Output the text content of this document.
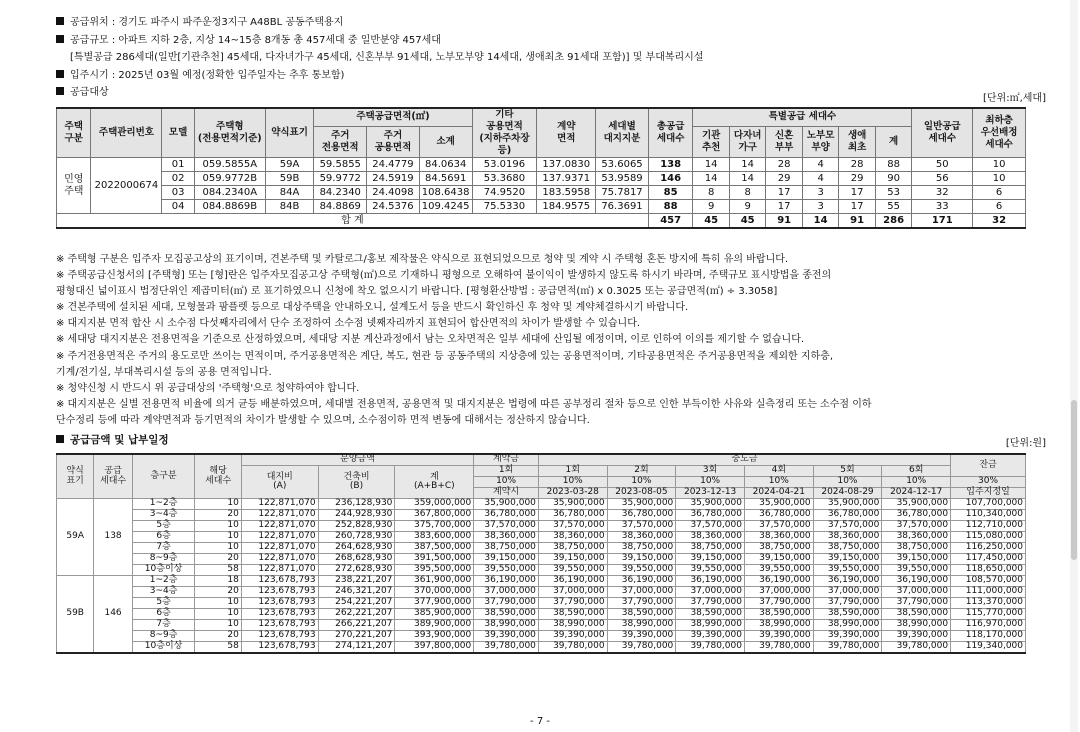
공급위치 : 경기도 파주시 파주운정3지구 A48BL 공동주택용지
공급규모 : 아파트 지하 2층, 지상 14~15층 8개동 총 457세대 중 일반분양 457세대
[특별공급 286세대(일반[기관추천] 45세대, 다자녀가구 45세대, 신혼부부 91세대, 노부모부양 14세대, 생애최초 91세대 포함)] 및 부대복리시설
입주시기 : 2025년 03월 예정(정확한 입주일자는 추후 통보함)
공급대상
[단위:㎡,세대]
주택
구분	주택관리번호	모델	주택형
(전용면적기준)	약식표기	주택공급면적(㎡)			기타
공용면적
(지하주차장
등)	계약
면적	세대별
대지지분	총공급
세대수	특별공급 세대수						일반공급
세대수	최하층
우선배정
세대수
					주거
전용면적	주거
공용면적	소계					기관
추천	다자녀
가구	신혼
부부	노부모
부양	생애
최초	계		
민영
주택	2022000674	01	059.5855A	59A	59.5855	24.4779	84.0634	53.0196	137.0830	53.6065	138	14	14	28	4	28	88	50	10
		02	059.9772B	59B	59.9772	24.5919	84.5691	53.3680	137.9371	53.9589	146	14	14	29	4	29	90	56	10
		03	084.2340A	84A	84.2340	24.4098	108.6438	74.9520	183.5958	75.7817	85	8	8	17	3	17	53	32	6
		04	084.8869B	84B	84.8869	24.5376	109.4245	75.5330	184.9575	76.3691	88	9	9	17	3	17	55	33	6
합 계											457	45	45	91	14	91	286	171	32
※ 주택형 구분은 입주자 모집공고상의 표기이며, 견본주택 및 카탈로그/홍보 제작물은 약식으로 표현되었으므로 청약 및 계약 시 주택형 혼돈 방지에 특히 유의 바랍니다.
※ 주택공급신청서의 [주택형] 또는 [형]란은 입주자모집공고상 주택형(㎡)으로 기재하니 평형으로 오해하여 불이익이 발생하지 않도록 하시기 바라며, 주택규모 표시방법을 종전의
평형대신 넓이표시 법정단위인 제곱미터(㎡) 로 표기하였으니 신청에 착오 없으시기 바랍니다. [평형환산방법 : 공급면적(㎡) x 0.3025 또는 공급면적(㎡) ÷ 3.3058]
※ 견본주택에 설치된 세대, 모형물과 팜플렛 등으로 대상주택을 안내하오니, 설계도서 등을 반드시 확인하신 후 청약 및 계약체결하시기 바랍니다.
※ 대지지분 면적 합산 시 소수점 다섯째자리에서 단수 조정하여 소수점 넷째자리까지 표현되어 합산면적의 차이가 발생할 수 있습니다.
※ 세대당 대지지분은 전용면적을 기준으로 산정하였으며, 세대당 지분 계산과정에서 남는 오차면적은 일부 세대에 산입될 예정이며, 이로 인하여 이의를 제기할 수 없습니다.
※ 주거전용면적은 주거의 용도로만 쓰이는 면적이며, 주거공용면적은 계단, 복도, 현관 등 공동주택의 지상층에 있는 공용면적이며, 기타공용면적은 주거공용면적을 제외한 지하층,
기계/전기실, 부대복리시설 등의 공용 면적입니다.
※ 청약신청 시 반드시 위 공급대상의 '주택형'으로 청약하여야 합니다.
※ 대지지분은 실별 전용면적 비율에 의거 균등 배분하였으며, 세대별 전용면적, 공용면적 및 대지지분은 법령에 따른 공부정리 절차 등으로 인한 부득이한 사유와 실측정리 또는 소수점 이하
단수정리 등에 따라 계약면적과 등기면적의 차이가 발생할 수 있으며, 소수점이하 면적 변동에 대해서는 정산하지 않습니다.
공급금액 및 납부일정	[단위:원]
약식
표기	공급
세대수	층구분	해당
세대수	분양금액			계약금	중도금						잔금
				대지비
(A)	건축비
(B)	계
(A+B+C)	1회	1회	2회	3회	4회	5회	6회	
							10%	10%	10%	10%	10%	10%	10%	30%
							계약시	2023-03-28	2023-08-05	2023-12-13	2024-04-21	2024-08-29	2024-12-17	입주지정일
59A	138	1~2층	10	122,871,070	236,128,930	359,000,000	35,900,000	35,900,000	35,900,000	35,900,000	35,900,000	35,900,000	35,900,000	107,700,000
		3~4층	20	122,871,070	244,928,930	367,800,000	36,780,000	36,780,000	36,780,000	36,780,000	36,780,000	36,780,000	36,780,000	110,340,000
		5층	10	122,871,070	252,828,930	375,700,000	37,570,000	37,570,000	37,570,000	37,570,000	37,570,000	37,570,000	37,570,000	112,710,000
		6층	10	122,871,070	260,728,930	383,600,000	38,360,000	38,360,000	38,360,000	38,360,000	38,360,000	38,360,000	38,360,000	115,080,000
		7층	10	122,871,070	264,628,930	387,500,000	38,750,000	38,750,000	38,750,000	38,750,000	38,750,000	38,750,000	38,750,000	116,250,000
		8~9층	20	122,871,070	268,628,930	391,500,000	39,150,000	39,150,000	39,150,000	39,150,000	39,150,000	39,150,000	39,150,000	117,450,000
		10층이상	58	122,871,070	272,628,930	395,500,000	39,550,000	39,550,000	39,550,000	39,550,000	39,550,000	39,550,000	39,550,000	118,650,000
59B	146	1~2층	18	123,678,793	238,221,207	361,900,000	36,190,000	36,190,000	36,190,000	36,190,000	36,190,000	36,190,000	36,190,000	108,570,000
		3~4층	20	123,678,793	246,321,207	370,000,000	37,000,000	37,000,000	37,000,000	37,000,000	37,000,000	37,000,000	37,000,000	111,000,000
		5층	10	123,678,793	254,221,207	377,900,000	37,790,000	37,790,000	37,790,000	37,790,000	37,790,000	37,790,000	37,790,000	113,370,000
		6층	10	123,678,793	262,221,207	385,900,000	38,590,000	38,590,000	38,590,000	38,590,000	38,590,000	38,590,000	38,590,000	115,770,000
		7층	10	123,678,793	266,221,207	389,900,000	38,990,000	38,990,000	38,990,000	38,990,000	38,990,000	38,990,000	38,990,000	116,970,000
		8~9층	20	123,678,793	270,221,207	393,900,000	39,390,000	39,390,000	39,390,000	39,390,000	39,390,000	39,390,000	39,390,000	118,170,000
		10층이상	58	123,678,793	274,121,207	397,800,000	39,780,000	39,780,000	39,780,000	39,780,000	39,780,000	39,780,000	39,780,000	119,340,000
- 7 -
